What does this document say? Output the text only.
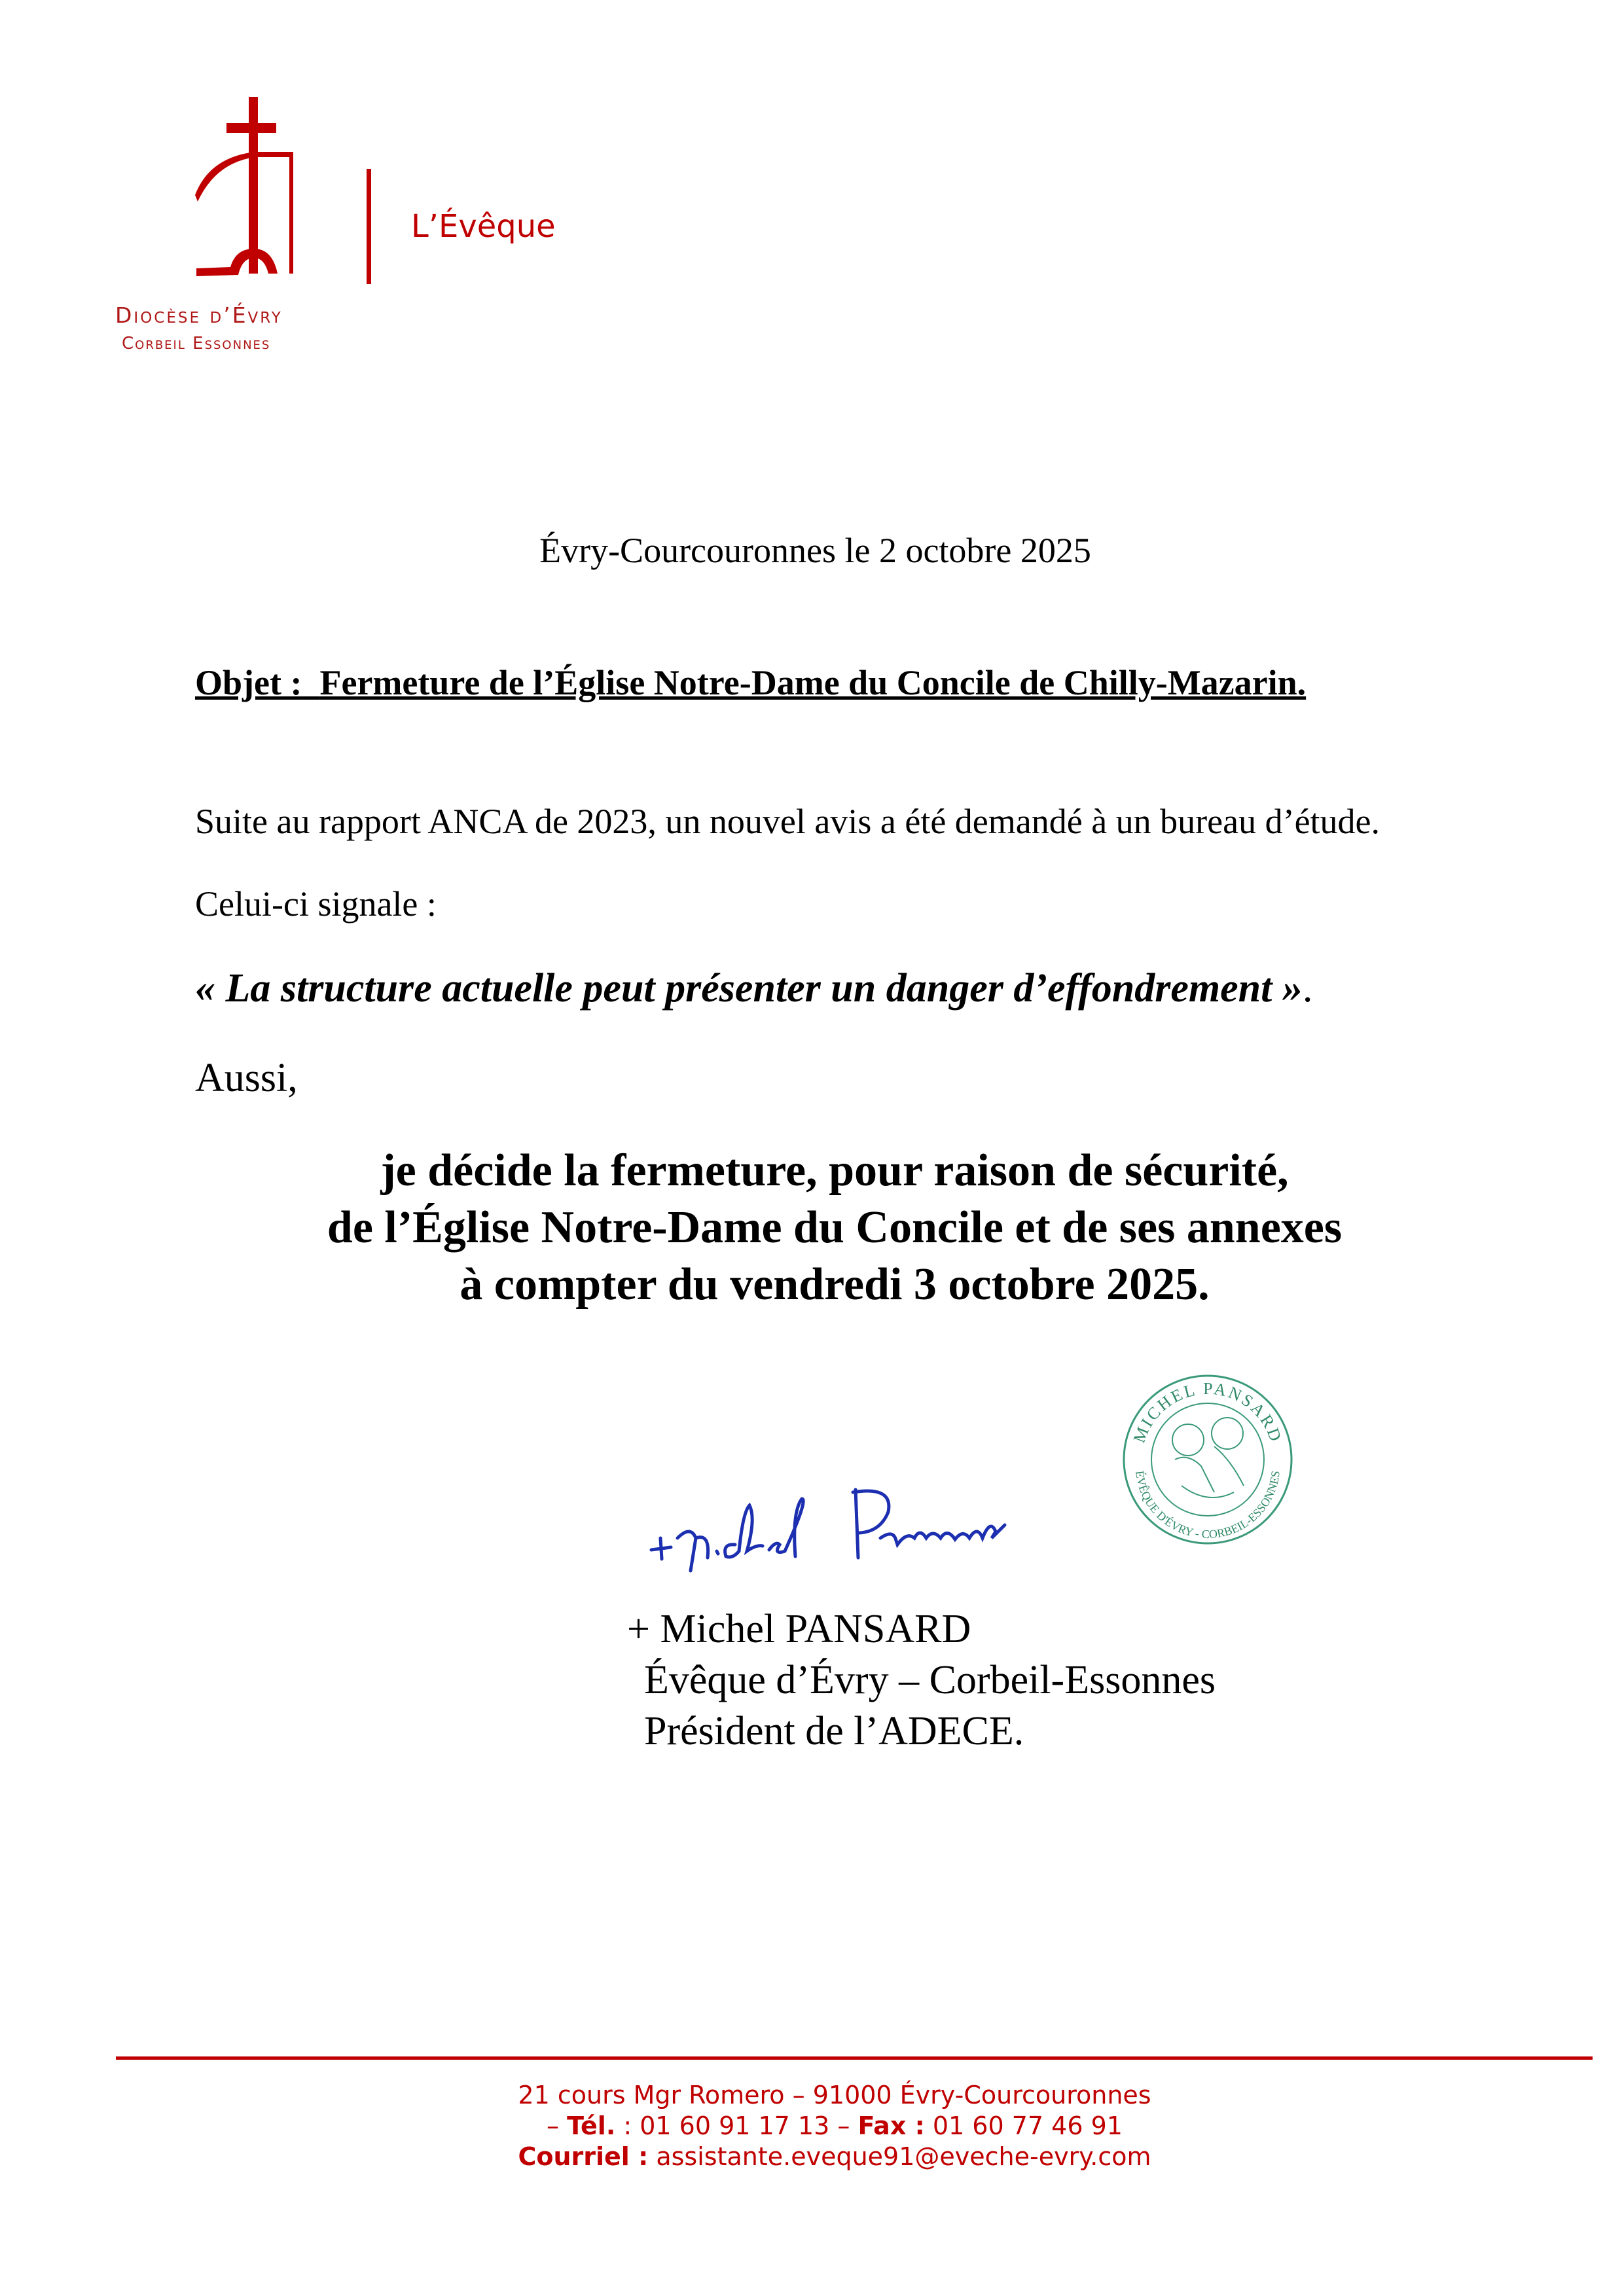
L’Évêque
Diocèse d’Évry
Corbeil Essonnes
Évry-Courcouronnes le 2 octobre 2025
Objet : Fermeture de l’Église Notre-Dame du Concile de Chilly-Mazarin.
Suite au rapport ANCA de 2023, un nouvel avis a été demandé à un bureau d’étude.
Celui-ci signale :
« La structure actuelle peut présenter un danger d’effondrement ».
Aussi,
je décide la fermeture, pour raison de sécurité,
de l’Église Notre-Dame du Concile et de ses annexes
à compter du vendredi 3 octobre 2025.
MICHEL PANSARD
ÉVÊQUE D'ÉVRY - CORBEIL-ESSONNES
+ Michel PANSARD
Évêque d’Évry – Corbeil-Essonnes
Président de l’ADECE.
21 cours Mgr Romero – 91000 Évry-Courcouronnes
– Tél. : 01 60 91 17 13 – Fax : 01 60 77 46 91
Courriel : assistante.eveque91@eveche-evry.com
